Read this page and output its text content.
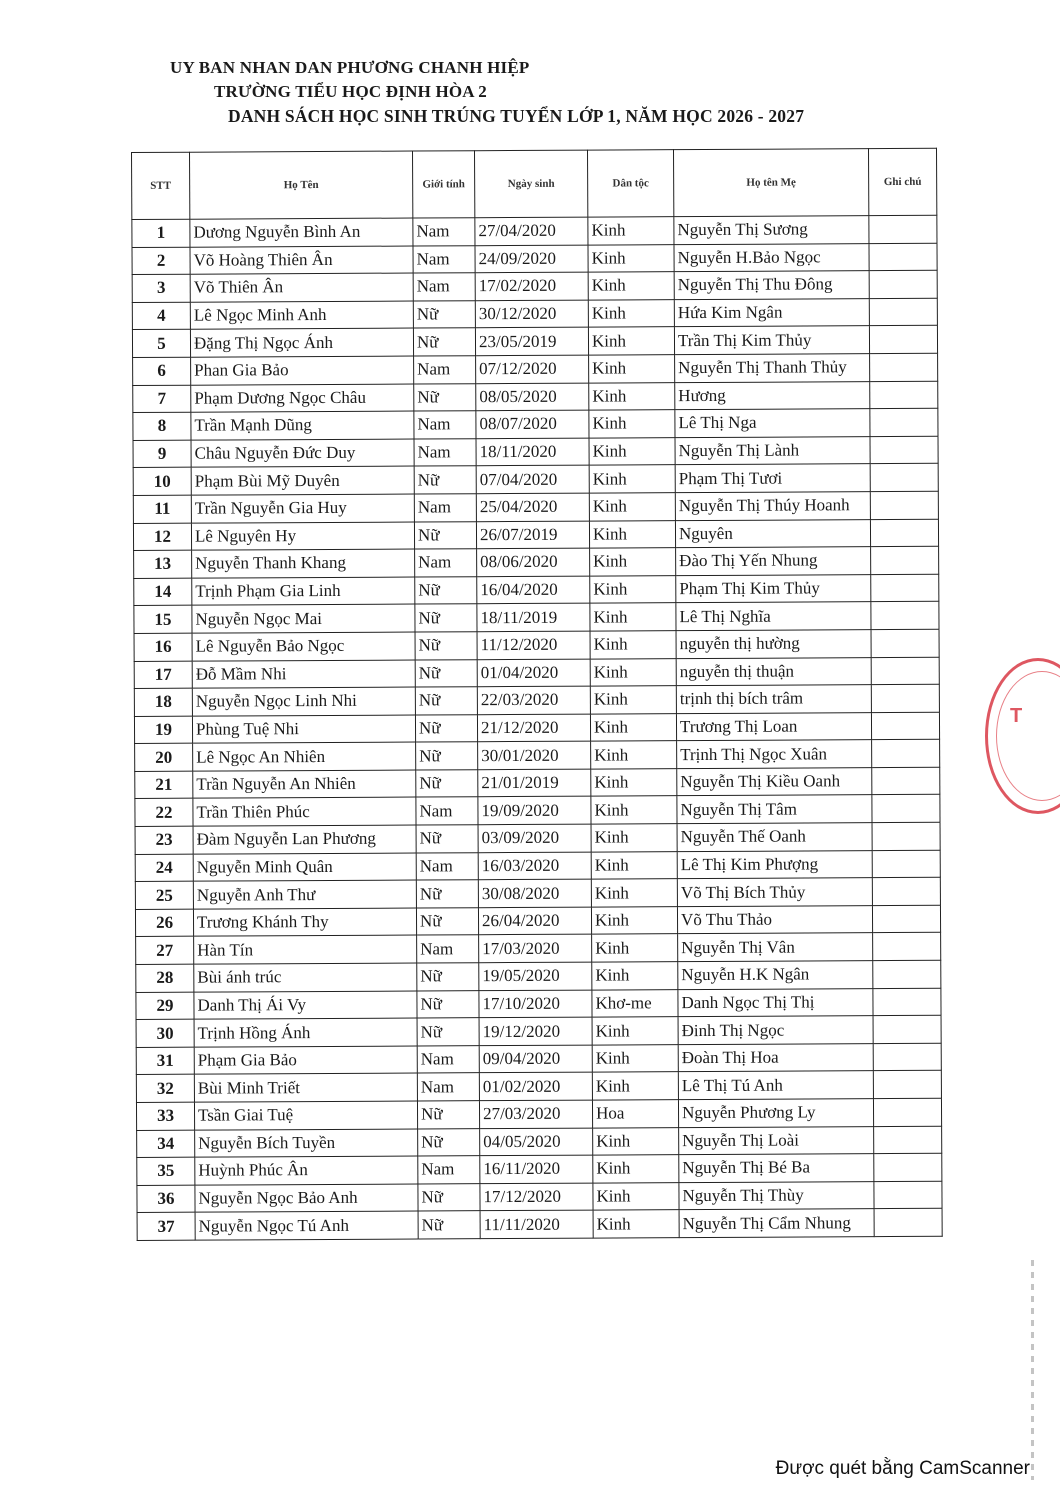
UY BAN NHAN DAN PHƯƠNG CHANH HIỆP
TRƯỜNG TIỂU HỌC ĐỊNH HÒA 2
DANH SÁCH HỌC SINH TRÚNG TUYỂN LỚP 1, NĂM HỌC 2026 - 2027
STT	Họ Tên	Giới tính	Ngày sinh	Dân tộc	Họ tên Mẹ	Ghi chú
1	Dương Nguyễn Bình An	Nam	27/04/2020	Kinh	Nguyễn Thị Sương	
2	Võ Hoàng Thiên Ân	Nam	24/09/2020	Kinh	Nguyễn H.Bảo Ngọc	
3	Võ Thiên Ân	Nam	17/02/2020	Kinh	Nguyễn Thị Thu Đông	
4	Lê Ngọc Minh Anh	Nữ	30/12/2020	Kinh	Hứa Kim Ngân	
5	Đặng Thị Ngọc Ánh	Nữ	23/05/2019	Kinh	Trần Thị Kim Thủy	
6	Phan Gia Bảo	Nam	07/12/2020	Kinh	Nguyễn Thị Thanh Thủy	
7	Phạm Dương Ngọc Châu	Nữ	08/05/2020	Kinh	Hương	
8	Trần Mạnh Dũng	Nam	08/07/2020	Kinh	Lê Thị Nga	
9	Châu Nguyễn Đức Duy	Nam	18/11/2020	Kinh	Nguyễn Thị Lành	
10	Phạm Bùi Mỹ Duyên	Nữ	07/04/2020	Kinh	Phạm Thị Tươi	
11	Trần Nguyễn Gia Huy	Nam	25/04/2020	Kinh	Nguyễn Thị Thúy Hoanh	
12	Lê Nguyên Hy	Nữ	26/07/2019	Kinh	Nguyên	
13	Nguyễn Thanh Khang	Nam	08/06/2020	Kinh	Đào Thị Yến Nhung	
14	Trịnh Phạm Gia Linh	Nữ	16/04/2020	Kinh	Phạm Thị Kim Thủy	
15	Nguyễn Ngọc Mai	Nữ	18/11/2019	Kinh	Lê Thị Nghĩa	
16	Lê Nguyễn Bảo Ngọc	Nữ	11/12/2020	Kinh	nguyễn thị hường	
17	Đỗ Mầm Nhi	Nữ	01/04/2020	Kinh	nguyễn thị thuận	
18	Nguyễn Ngọc Linh Nhi	Nữ	22/03/2020	Kinh	trịnh thị bích trâm	
19	Phùng Tuệ Nhi	Nữ	21/12/2020	Kinh	Trương Thị Loan	
20	Lê Ngọc An Nhiên	Nữ	30/01/2020	Kinh	Trịnh Thị Ngọc Xuân	
21	Trần Nguyễn An Nhiên	Nữ	21/01/2019	Kinh	Nguyễn Thị Kiều Oanh	
22	Trần Thiên Phúc	Nam	19/09/2020	Kinh	Nguyễn Thị Tâm	
23	Đàm Nguyễn Lan Phương	Nữ	03/09/2020	Kinh	Nguyễn Thế Oanh	
24	Nguyễn Minh Quân	Nam	16/03/2020	Kinh	Lê Thị Kim Phượng	
25	Nguyễn Anh Thư	Nữ	30/08/2020	Kinh	Võ Thị Bích Thủy	
26	Trương Khánh Thy	Nữ	26/04/2020	Kinh	Võ Thu Thảo	
27	Hàn Tín	Nam	17/03/2020	Kinh	Nguyễn Thị Vân	
28	Bùi ánh trúc	Nữ	19/05/2020	Kinh	Nguyễn H.K Ngân	
29	Danh Thị Ái Vy	Nữ	17/10/2020	Khơ-me	Danh Ngọc Thị Thị	
30	Trịnh Hồng Ánh	Nữ	19/12/2020	Kinh	Đinh Thị Ngọc	
31	Phạm Gia Bảo	Nam	09/04/2020	Kinh	Đoàn Thị Hoa	
32	Bùi Minh Triết	Nam	01/02/2020	Kinh	Lê Thị Tú Anh	
33	Tsần Giai Tuệ	Nữ	27/03/2020	Hoa	Nguyễn Phương Ly	
34	Nguyễn Bích Tuyền	Nữ	04/05/2020	Kinh	Nguyễn Thị Loài	
35	Huỳnh Phúc Ân	Nam	16/11/2020	Kinh	Nguyễn Thị Bé Ba	
36	Nguyễn Ngọc Bảo Anh	Nữ	17/12/2020	Kinh	Nguyễn Thị Thùy	
37	Nguyễn Ngọc Tú Anh	Nữ	11/11/2020	Kinh	Nguyễn Thị Cẩm Nhung	
T
Được quét bằng CamScanner
